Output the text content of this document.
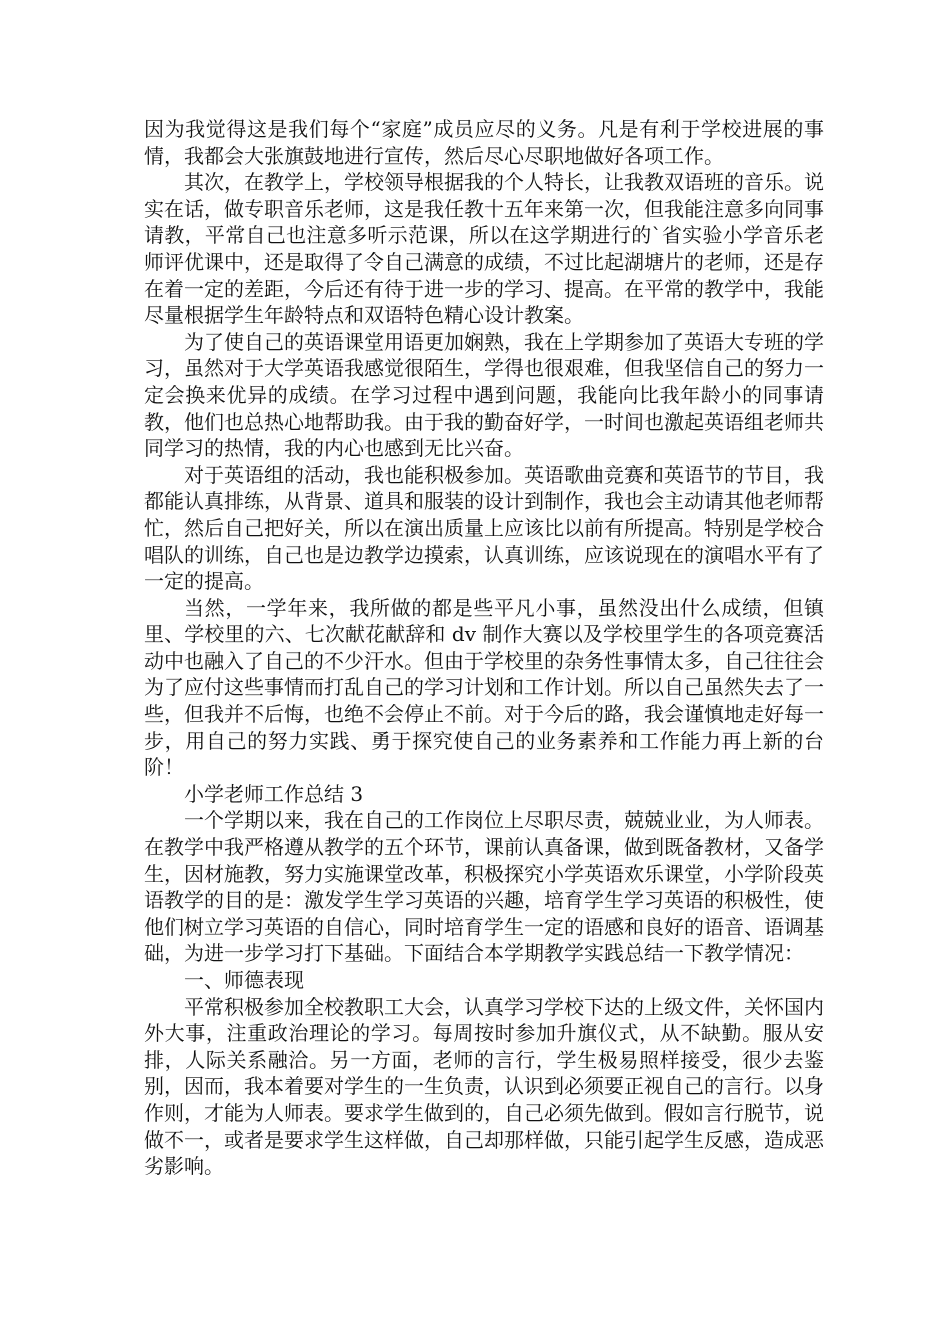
因为我觉得这是我们每个“家庭”成员应尽的义务。凡是有利于学校进展的事情，我都会大张旗鼓地进行宣传，然后尽心尽职地做好各项工作。

其次，在教学上，学校领导根据我的个人特长，让我教双语班的音乐。说实在话，做专职音乐老师，这是我任教十五年来第一次，但我能注意多向同事请教，平常自己也注意多听示范课，所以在这学期进行的`省实验小学音乐老师评优课中，还是取得了令自己满意的成绩，不过比起湖塘片的老师，还是存在着一定的差距，今后还有待于进一步的学习、提高。在平常的教学中，我能尽量根据学生年龄特点和双语特色精心设计教案。

为了使自己的英语课堂用语更加娴熟，我在上学期参加了英语大专班的学习，虽然对于大学英语我感觉很陌生，学得也很艰难，但我坚信自己的努力一定会换来优异的成绩。在学习过程中遇到问题，我能向比我年龄小的同事请教，他们也总热心地帮助我。由于我的勤奋好学，一时间也激起英语组老师共同学习的热情，我的内心也感到无比兴奋。

对于英语组的活动，我也能积极参加。英语歌曲竞赛和英语节的节目，我都能认真排练，从背景、道具和服装的设计到制作，我也会主动请其他老师帮忙，然后自己把好关，所以在演出质量上应该比以前有所提高。特别是学校合唱队的训练，自己也是边教学边摸索，认真训练，应该说现在的演唱水平有了一定的提高。

当然，一学年来，我所做的都是些平凡小事，虽然没出什么成绩，但镇里、学校里的六、七次献花献辞和 dv 制作大赛以及学校里学生的各项竞赛活动中也融入了自己的不少汗水。但由于学校里的杂务性事情太多，自己往往会为了应付这些事情而打乱自己的学习计划和工作计划。所以自己虽然失去了一些，但我并不后悔，也绝不会停止不前。对于今后的路，我会谨慎地走好每一步，用自己的努力实践、勇于探究使自己的业务素养和工作能力再上新的台阶！

小学老师工作总结 3

一个学期以来，我在自己的工作岗位上尽职尽责，兢兢业业，为人师表。在教学中我严格遵从教学的五个环节，课前认真备课，做到既备教材，又备学生，因材施教，努力实施课堂改革，积极探究小学英语欢乐课堂，小学阶段英语教学的目的是：激发学生学习英语的兴趣，培育学生学习英语的积极性，使他们树立学习英语的自信心，同时培育学生一定的语感和良好的语音、语调基础，为进一步学习打下基础。下面结合本学期教学实践总结一下教学情况：

一、师德表现

平常积极参加全校教职工大会，认真学习学校下达的上级文件，关怀国内外大事，注重政治理论的学习。每周按时参加升旗仪式，从不缺勤。服从安排，人际关系融洽。另一方面，老师的言行，学生极易照样接受，很少去鉴别，因而，我本着要对学生的一生负责，认识到必须要正视自己的言行。以身作则，才能为人师表。要求学生做到的，自己必须先做到。假如言行脱节，说做不一，或者是要求学生这样做，自己却那样做，只能引起学生反感，造成恶劣影响。
